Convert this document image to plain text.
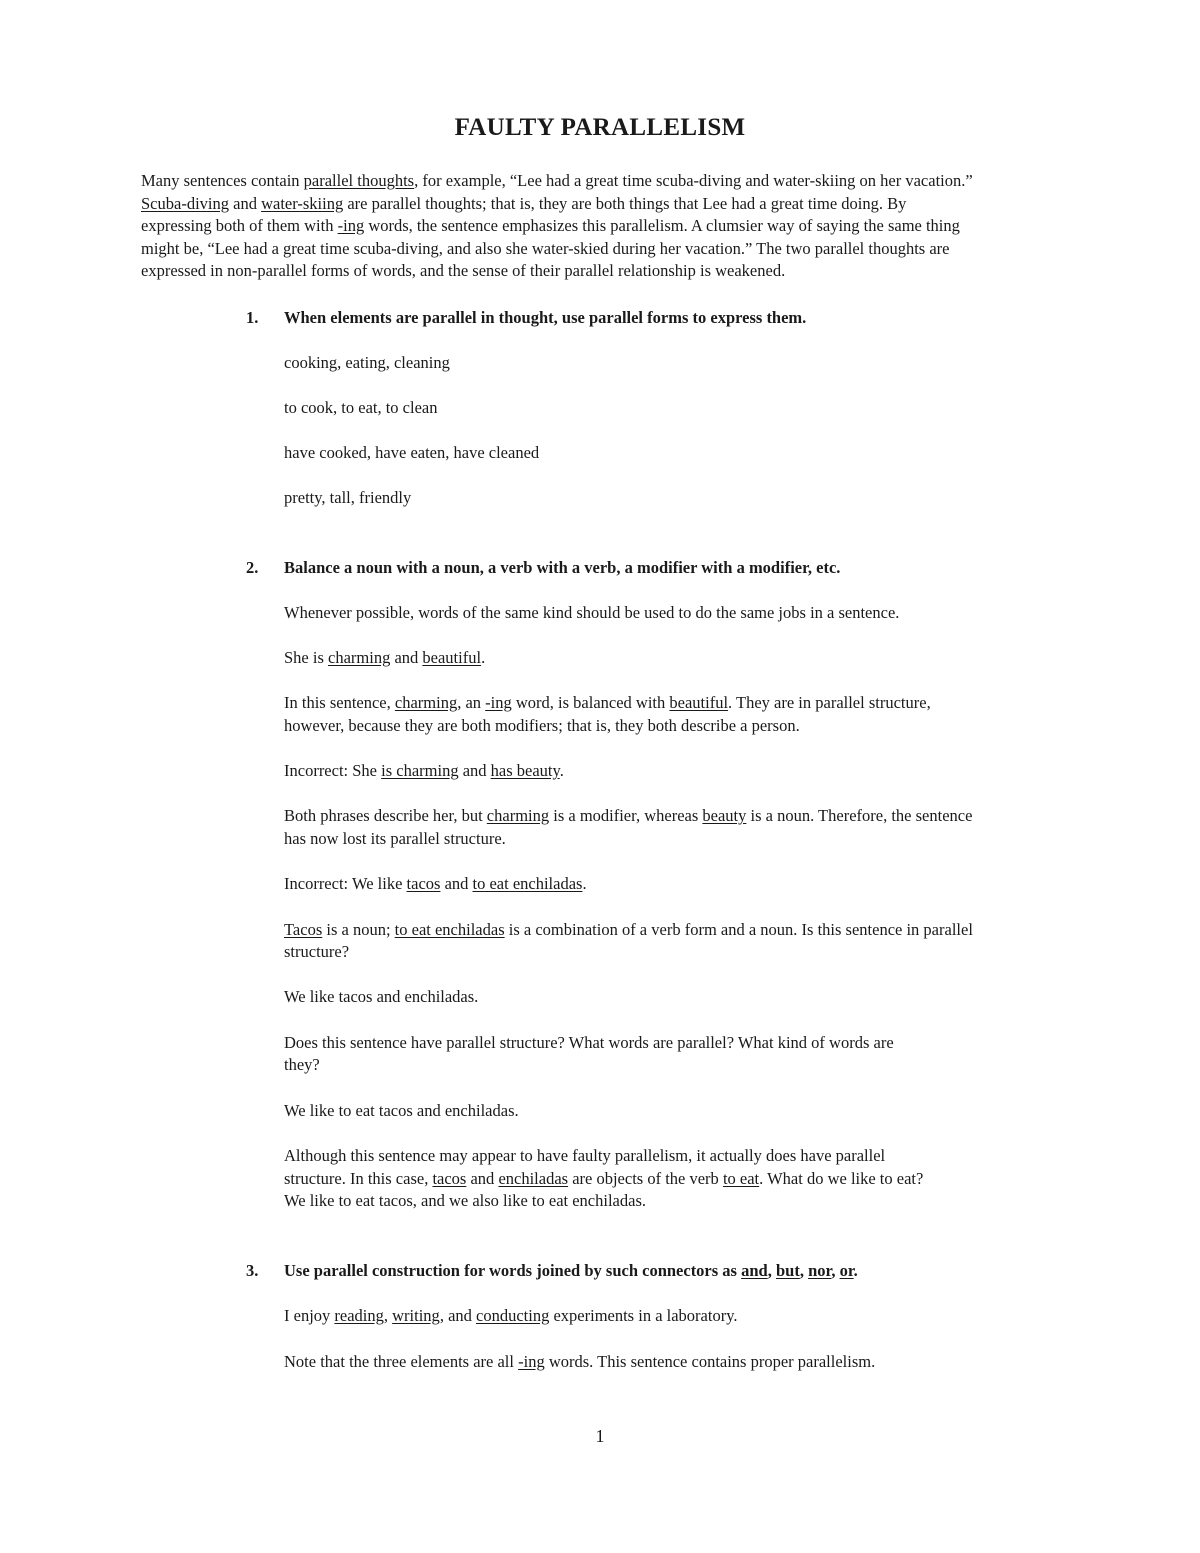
FAULTY PARALLELISM
Many sentences contain parallel thoughts, for example, “Lee had a great time scuba-diving and water-skiing on her vacation.”
Scuba-diving and water-skiing are parallel thoughts; that is, they are both things that Lee had a great time doing. By
expressing both of them with -ing words, the sentence emphasizes this parallelism. A clumsier way of saying the same thing
might be, “Lee had a great time scuba-diving, and also she water-skied during her vacation.” The two parallel thoughts are
expressed in non-parallel forms of words, and the sense of their parallel relationship is weakened.
1. When elements are parallel in thought, use parallel forms to express them.
2. Balance a noun with a noun, a verb with a verb, a modifier with a modifier, etc.
3. Use parallel construction for words joined by such connectors as and, but, nor, or.
cooking, eating, cleaning
to cook, to eat, to clean
have cooked, have eaten, have cleaned
pretty, tall, friendly
Whenever possible, words of the same kind should be used to do the same jobs in a sentence.
She is charming and beautiful.
In this sentence, charming, an -ing word, is balanced with beautiful. They are in parallel structure,
however, because they are both modifiers; that is, they both describe a person.
Incorrect: She is charming and has beauty.
Both phrases describe her, but charming is a modifier, whereas beauty is a noun. Therefore, the sentence
has now lost its parallel structure.
Incorrect: We like tacos and to eat enchiladas.
Tacos is a noun; to eat enchiladas is a combination of a verb form and a noun. Is this sentence in parallel
structure?
We like tacos and enchiladas.
Does this sentence have parallel structure? What words are parallel? What kind of words are
they?
We like to eat tacos and enchiladas.
Although this sentence may appear to have faulty parallelism, it actually does have parallel
structure. In this case, tacos and enchiladas are objects of the verb to eat. What do we like to eat?
We like to eat tacos, and we also like to eat enchiladas.
I enjoy reading, writing, and conducting experiments in a laboratory.
Note that the three elements are all -ing words. This sentence contains proper parallelism.
1
